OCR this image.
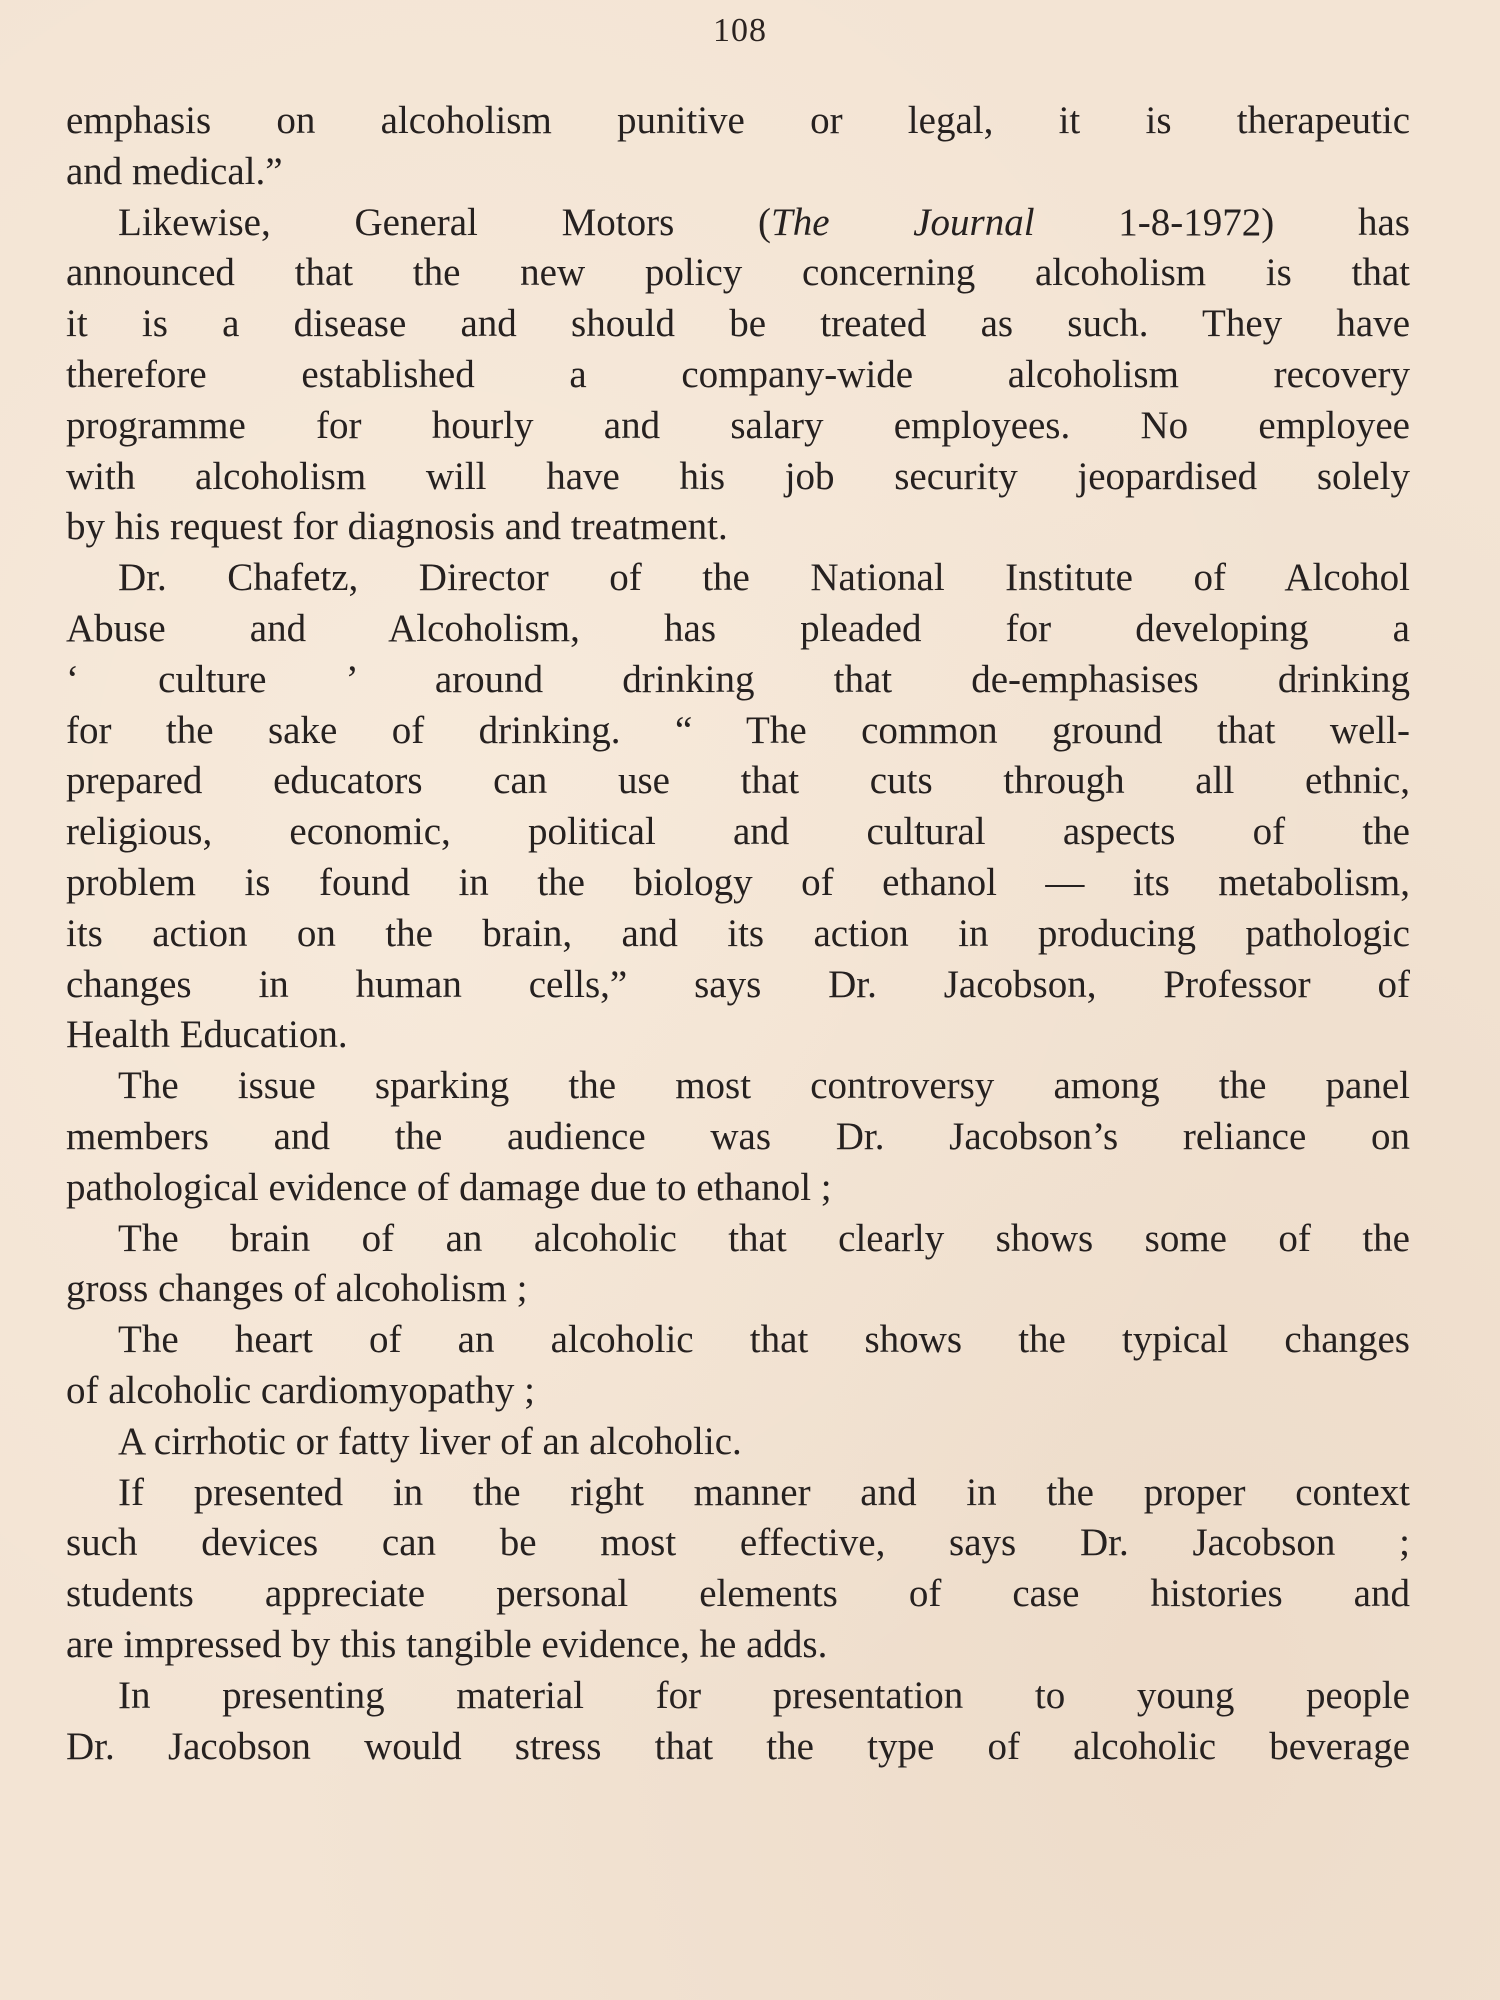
108
emphasis on alcoholism punitive or legal, it is therapeutic
and medical.”
Likewise, General Motors (The Journal 1-8-1972) has
announced that the new policy concerning alcoholism is that
it is a disease and should be treated as such. They have
therefore established a company-wide alcoholism recovery
programme for hourly and salary employees. No employee
with alcoholism will have his job security jeopardised solely
by his request for diagnosis and treatment.
Dr. Chafetz, Director of the National Institute of Alcohol
Abuse and Alcoholism, has pleaded for developing a
‘ culture ’ around drinking that de-emphasises drinking
for the sake of drinking. “ The common ground that well-
prepared educators can use that cuts through all ethnic,
religious, economic, political and cultural aspects of the
problem is found in the biology of ethanol — its metabolism,
its action on the brain, and its action in producing pathologic
changes in human cells,” says Dr. Jacobson, Professor of
Health Education.
The issue sparking the most controversy among the panel
members and the audience was Dr. Jacobson’s reliance on
pathological evidence of damage due to ethanol ;
The brain of an alcoholic that clearly shows some of the
gross changes of alcoholism ;
The heart of an alcoholic that shows the typical changes
of alcoholic cardiomyopathy ;
A cirrhotic or fatty liver of an alcoholic.
If presented in the right manner and in the proper context
such devices can be most effective, says Dr. Jacobson ;
students appreciate personal elements of case histories and
are impressed by this tangible evidence, he adds.
In presenting material for presentation to young people
Dr. Jacobson would stress that the type of alcoholic beverage
